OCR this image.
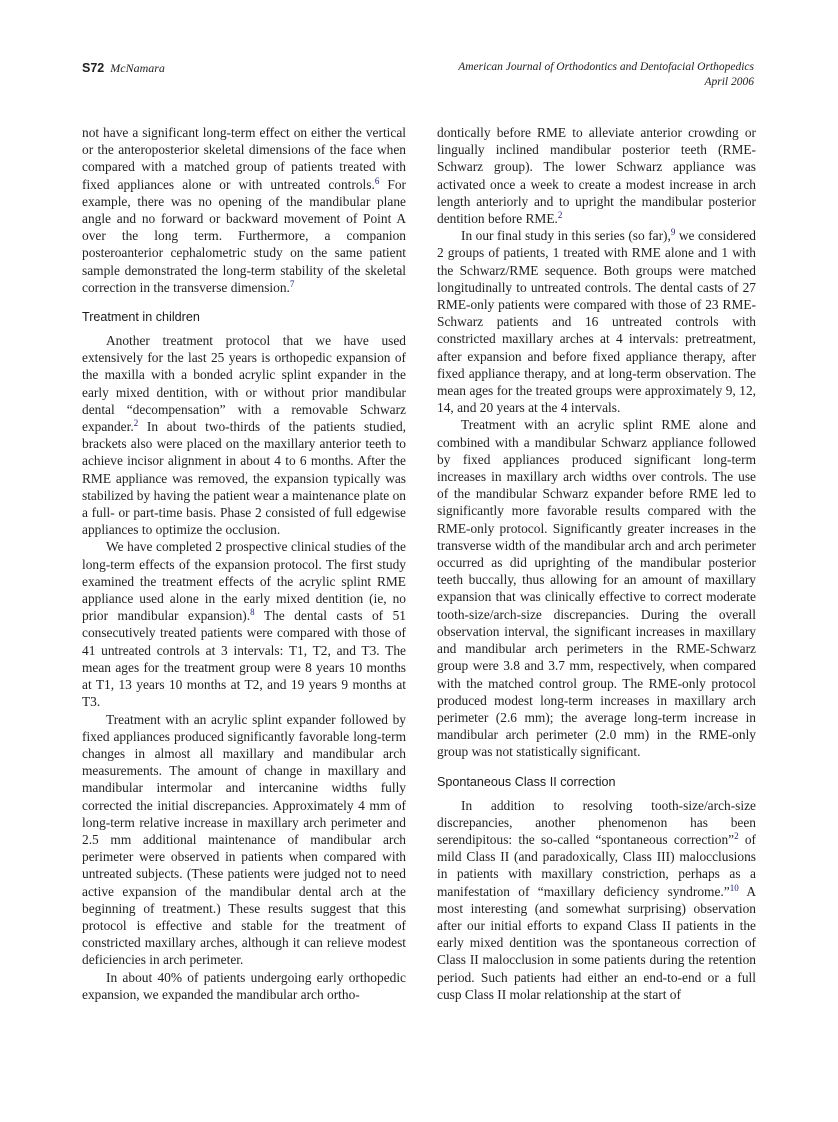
S72 McNamara	American Journal of Orthodontics and Dentofacial Orthopedics
April 2006

not have a significant long-term effect on either the vertical or the anteroposterior skeletal dimensions of the face when compared with a matched group of patients treated with fixed appliances alone or with untreated controls.$^6$ For example, there was no opening of the mandibular plane angle and no forward or backward movement of Point A over the long term. Furthermore, a companion posteroanterior cephalometric study on the same patient sample demonstrated the long-term stability of the skeletal correction in the transverse dimension.$^7$

Treatment in children

Another treatment protocol that we have used extensively for the last 25 years is orthopedic expansion of the maxilla with a bonded acrylic splint expander in the early mixed dentition, with or without prior mandibular dental “decompensation” with a removable Schwarz expander.$^2$ In about two-thirds of the patients studied, brackets also were placed on the maxillary anterior teeth to achieve incisor alignment in about 4 to 6 months. After the RME appliance was removed, the expansion typically was stabilized by having the patient wear a maintenance plate on a full- or part-time basis. Phase 2 consisted of full edgewise appliances to optimize the occlusion.

We have completed 2 prospective clinical studies of the long-term effects of the expansion protocol. The first study examined the treatment effects of the acrylic splint RME appliance used alone in the early mixed dentition (ie, no prior mandibular expansion).$^8$ The dental casts of 51 consecutively treated patients were compared with those of 41 untreated controls at 3 intervals: T1, T2, and T3. The mean ages for the treatment group were 8 years 10 months at T1, 13 years 10 months at T2, and 19 years 9 months at T3.

Treatment with an acrylic splint expander followed by fixed appliances produced significantly favorable long-term changes in almost all maxillary and mandibular arch measurements. The amount of change in maxillary and mandibular intermolar and intercanine widths fully corrected the initial discrepancies. Approximately 4 mm of long-term relative increase in maxillary arch perimeter and 2.5 mm additional maintenance of mandibular arch perimeter were observed in patients when compared with untreated subjects. (These patients were judged not to need active expansion of the mandibular dental arch at the beginning of treatment.) These results suggest that this protocol is effective and stable for the treatment of constricted maxillary arches, although it can relieve modest deficiencies in arch perimeter.

In about 40% of patients undergoing early orthopedic expansion, we expanded the mandibular arch ortho-

dontically before RME to alleviate anterior crowding or lingually inclined mandibular posterior teeth (RME-Schwarz group). The lower Schwarz appliance was activated once a week to create a modest increase in arch length anteriorly and to upright the mandibular posterior dentition before RME.$^2$

In our final study in this series (so far),$^9$ we considered 2 groups of patients, 1 treated with RME alone and 1 with the Schwarz/RME sequence. Both groups were matched longitudinally to untreated controls. The dental casts of 27 RME-only patients were compared with those of 23 RME-Schwarz patients and 16 untreated controls with constricted maxillary arches at 4 intervals: pretreatment, after expansion and before fixed appliance therapy, after fixed appliance therapy, and at long-term observation. The mean ages for the treated groups were approximately 9, 12, 14, and 20 years at the 4 intervals.

Treatment with an acrylic splint RME alone and combined with a mandibular Schwarz appliance followed by fixed appliances produced significant long-term increases in maxillary arch widths over controls. The use of the mandibular Schwarz expander before RME led to significantly more favorable results compared with the RME-only protocol. Significantly greater increases in the transverse width of the mandibular arch and arch perimeter occurred as did uprighting of the mandibular posterior teeth buccally, thus allowing for an amount of maxillary expansion that was clinically effective to correct moderate tooth-size/arch-size discrepancies. During the overall observation interval, the significant increases in maxillary and mandibular arch perimeters in the RME-Schwarz group were 3.8 and 3.7 mm, respectively, when compared with the matched control group. The RME-only protocol produced modest long-term increases in maxillary arch perimeter (2.6 mm); the average long-term increase in mandibular arch perimeter (2.0 mm) in the RME-only group was not statistically significant.

Spontaneous Class II correction

In addition to resolving tooth-size/arch-size discrepancies, another phenomenon has been serendipitous: the so-called “spontaneous correction”$^2$ of mild Class II (and paradoxically, Class III) malocclusions in patients with maxillary constriction, perhaps as a manifestation of “maxillary deficiency syndrome.”$^{10}$ A most interesting (and somewhat surprising) observation after our initial efforts to expand Class II patients in the early mixed dentition was the spontaneous correction of Class II malocclusion in some patients during the retention period. Such patients had either an end-to-end or a full cusp Class II molar relationship at the start of
